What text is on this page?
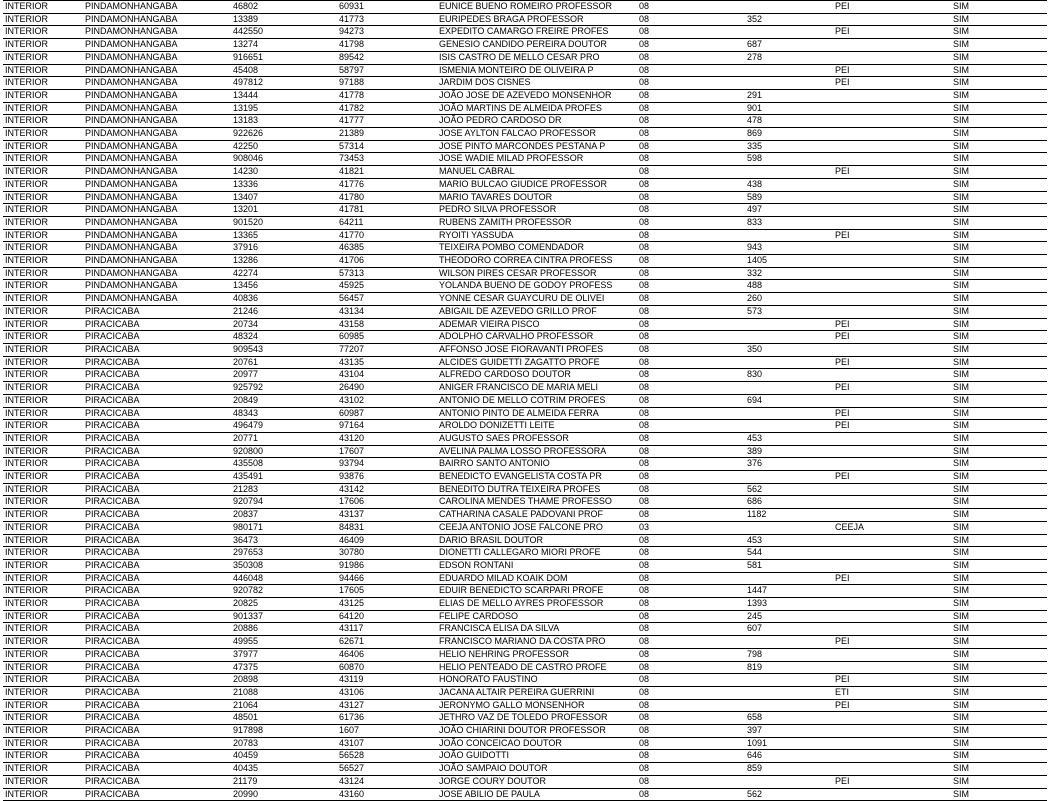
INTERIOR	PINDAMONHANGABA	46802	60931	EUNICE BUENO ROMEIRO PROFESSOR	08		PEI	SIM
INTERIOR	PINDAMONHANGABA	13389	41773	EURIPEDES BRAGA PROFESSOR	08	352		SIM
INTERIOR	PINDAMONHANGABA	442550	94273	EXPEDITO CAMARGO FREIRE PROFES	08		PEI	SIM
INTERIOR	PINDAMONHANGABA	13274	41798	GENESIO CANDIDO PEREIRA DOUTOR	08	687		SIM
INTERIOR	PINDAMONHANGABA	916651	89542	ISIS CASTRO DE MELLO CESAR PRO	08	278		SIM
INTERIOR	PINDAMONHANGABA	45408	58797	ISMENIA MONTEIRO DE OLIVEIRA P	08		PEI	SIM
INTERIOR	PINDAMONHANGABA	497812	97188	JARDIM DOS CISNES	08		PEI	SIM
INTERIOR	PINDAMONHANGABA	13444	41778	JOÃO JOSE DE AZEVEDO MONSENHOR	08	291		SIM
INTERIOR	PINDAMONHANGABA	13195	41782	JOÃO MARTINS DE ALMEIDA PROFES	08	901		SIM
INTERIOR	PINDAMONHANGABA	13183	41777	JOÃO PEDRO CARDOSO DR	08	478		SIM
INTERIOR	PINDAMONHANGABA	922626	21389	JOSE AYLTON FALCAO PROFESSOR	08	869		SIM
INTERIOR	PINDAMONHANGABA	42250	57314	JOSE PINTO MARCONDES PESTANA P	08	335		SIM
INTERIOR	PINDAMONHANGABA	908046	73453	JOSE WADIE MILAD PROFESSOR	08	598		SIM
INTERIOR	PINDAMONHANGABA	14230	41821	MANUEL CABRAL	08		PEI	SIM
INTERIOR	PINDAMONHANGABA	13336	41776	MARIO BULCAO GIUDICE PROFESSOR	08	438		SIM
INTERIOR	PINDAMONHANGABA	13407	41780	MARIO TAVARES DOUTOR	08	589		SIM
INTERIOR	PINDAMONHANGABA	13201	41781	PEDRO SILVA PROFESSOR	08	497		SIM
INTERIOR	PINDAMONHANGABA	901520	64211	RUBENS ZAMITH PROFESSOR	08	833		SIM
INTERIOR	PINDAMONHANGABA	13365	41770	RYOITI YASSUDA	08		PEI	SIM
INTERIOR	PINDAMONHANGABA	37916	46385	TEIXEIRA POMBO COMENDADOR	08	943		SIM
INTERIOR	PINDAMONHANGABA	13286	41706	THEODORO CORREA CINTRA PROFESS	08	1405		SIM
INTERIOR	PINDAMONHANGABA	42274	57313	WILSON PIRES CESAR PROFESSOR	08	332		SIM
INTERIOR	PINDAMONHANGABA	13456	45925	YOLANDA BUENO DE GODOY PROFESS	08	488		SIM
INTERIOR	PINDAMONHANGABA	40836	56457	YONNE CESAR GUAYCURU DE OLIVEI	08	260		SIM
INTERIOR	PIRACICABA	21246	43134	ABIGAIL DE AZEVEDO GRILLO PROF	08	573		SIM
INTERIOR	PIRACICABA	20734	43158	ADEMAR VIEIRA PISCO	08		PEI	SIM
INTERIOR	PIRACICABA	48324	60985	ADOLPHO CARVALHO PROFESSOR	08		PEI	SIM
INTERIOR	PIRACICABA	909543	77207	AFFONSO JOSE FIORAVANTI PROFES	08	350		SIM
INTERIOR	PIRACICABA	20761	43135	ALCIDES GUIDETTI ZAGATTO PROFE	08		PEI	SIM
INTERIOR	PIRACICABA	20977	43104	ALFREDO CARDOSO DOUTOR	08	830		SIM
INTERIOR	PIRACICABA	925792	26490	ANIGER FRANCISCO DE MARIA MELI	08		PEI	SIM
INTERIOR	PIRACICABA	20849	43102	ANTONIO DE MELLO COTRIM PROFES	08	694		SIM
INTERIOR	PIRACICABA	48343	60987	ANTONIO PINTO DE ALMEIDA FERRA	08		PEI	SIM
INTERIOR	PIRACICABA	496479	97164	AROLDO DONIZETTI LEITE	08		PEI	SIM
INTERIOR	PIRACICABA	20771	43120	AUGUSTO SAES PROFESSOR	08	453		SIM
INTERIOR	PIRACICABA	920800	17607	AVELINA PALMA LOSSO PROFESSORA	08	389		SIM
INTERIOR	PIRACICABA	435508	93794	BAIRRO SANTO ANTONIO	08	376		SIM
INTERIOR	PIRACICABA	435491	93876	BENEDICTO EVANGELISTA COSTA PR	08		PEI	SIM
INTERIOR	PIRACICABA	21283	43142	BENEDITO DUTRA TEIXEIRA PROFES	08	562		SIM
INTERIOR	PIRACICABA	920794	17606	CAROLINA MENDES THAME PROFESSO	08	686		SIM
INTERIOR	PIRACICABA	20837	43137	CATHARINA CASALE PADOVANI PROF	08	1182		SIM
INTERIOR	PIRACICABA	980171	84831	CEEJA ANTONIO JOSE FALCONE PRO	03		CEEJA	SIM
INTERIOR	PIRACICABA	36473	46409	DARIO BRASIL DOUTOR	08	453		SIM
INTERIOR	PIRACICABA	297653	30780	DIONETTI CALLEGARO MIORI PROFE	08	544		SIM
INTERIOR	PIRACICABA	350308	91986	EDSON RONTANI	08	581		SIM
INTERIOR	PIRACICABA	446048	94466	EDUARDO MILAD KOAIK DOM	08		PEI	SIM
INTERIOR	PIRACICABA	920782	17605	EDUIR BENEDICTO SCARPARI PROFE	08	1447		SIM
INTERIOR	PIRACICABA	20825	43125	ELIAS DE MELLO AYRES PROFESSOR	08	1393		SIM
INTERIOR	PIRACICABA	901337	64120	FELIPE CARDOSO	08	245		SIM
INTERIOR	PIRACICABA	20886	43117	FRANCISCA ELISA DA SILVA	08	607		SIM
INTERIOR	PIRACICABA	49955	62671	FRANCISCO MARIANO DA COSTA PRO	08		PEI	SIM
INTERIOR	PIRACICABA	37977	46406	HELIO NEHRING PROFESSOR	08	798		SIM
INTERIOR	PIRACICABA	47375	60870	HELIO PENTEADO DE CASTRO PROFE	08	819		SIM
INTERIOR	PIRACICABA	20898	43119	HONORATO FAUSTINO	08		PEI	SIM
INTERIOR	PIRACICABA	21088	43106	JACANA ALTAIR PEREIRA GUERRINI	08		ETI	SIM
INTERIOR	PIRACICABA	21064	43127	JERONYMO GALLO MONSENHOR	08		PEI	SIM
INTERIOR	PIRACICABA	48501	61736	JETHRO VAZ DE TOLEDO PROFESSOR	08	658		SIM
INTERIOR	PIRACICABA	917898	1607	JOÃO CHIARINI DOUTOR PROFESSOR	08	397		SIM
INTERIOR	PIRACICABA	20783	43107	JOÃO CONCEICAO DOUTOR	08	1091		SIM
INTERIOR	PIRACICABA	40459	56528	JOÃO GUIDOTTI	08	646		SIM
INTERIOR	PIRACICABA	40435	56527	JOÃO SAMPAIO DOUTOR	08	859		SIM
INTERIOR	PIRACICABA	21179	43124	JORGE COURY DOUTOR	08		PEI	SIM
INTERIOR	PIRACICABA	20990	43160	JOSE ABILIO DE PAULA	08	562		SIM
